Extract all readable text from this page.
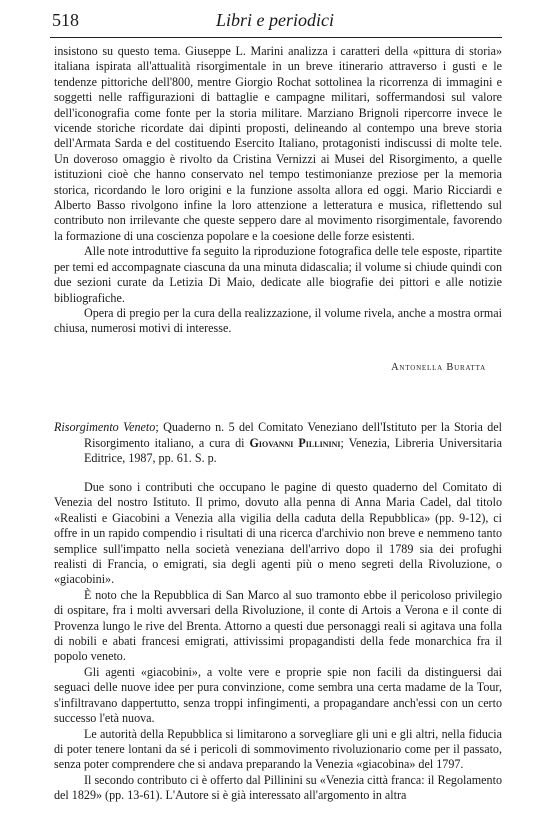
518	Libri e periodici

insistono su questo tema. Giuseppe L. Marini analizza i caratteri della «pittura di storia» italiana ispirata all'attualità risorgimentale in un breve itinerario attraverso i gusti e le tendenze pittoriche dell'800, mentre Giorgio Rochat sottolinea la ricorrenza di immagini e soggetti nelle raffigurazioni di battaglie e campagne militari, soffermandosi sul valore dell'iconografia come fonte per la storia militare. Marziano Brignoli ripercorre invece le vicende storiche ricordate dai dipinti proposti, delineando al contempo una breve storia dell'Armata Sarda e del costituendo Esercito Italiano, protagonisti indiscussi di molte tele. Un doveroso omaggio è rivolto da Cristina Vernizzi ai Musei del Risorgimento, a quelle istituzioni cioè che hanno conservato nel tempo testimonianze preziose per la memoria storica, ricordando le loro origini e la funzione assolta allora ed oggi. Mario Ricciardi e Alberto Basso rivolgono infine la loro attenzione a letteratura e musica, riflettendo sul contributo non irrilevante che queste seppero dare al movimento risorgimentale, favorendo la formazione di una coscienza popolare e la coesione delle forze esistenti.

Alle note introduttive fa seguito la riproduzione fotografica delle tele esposte, ripartite per temi ed accompagnate ciascuna da una minuta didascalia; il volume si chiude quindi con due sezioni curate da Letizia Di Maio, dedicate alle biografie dei pittori e alle notizie bibliografiche.

Opera di pregio per la cura della realizzazione, il volume rivela, anche a mostra ormai chiusa, numerosi motivi di interesse.

Antonella Buratta

Risorgimento Veneto; Quaderno n. 5 del Comitato Veneziano dell'Istituto per la Storia del Risorgimento italiano, a cura di Giovanni Pillinini; Venezia, Libreria Universitaria Editrice, 1987, pp. 61. S. p.

Due sono i contributi che occupano le pagine di questo quaderno del Comitato di Venezia del nostro Istituto. Il primo, dovuto alla penna di Anna Maria Cadel, dal titolo «Realisti e Giacobini a Venezia alla vigilia della caduta della Repubblica» (pp. 9-12), ci offre in un rapido compendio i risultati di una ricerca d'archivio non breve e nemmeno tanto semplice sull'impatto nella società veneziana dell'arrivo dopo il 1789 sia dei profughi realisti di Francia, o emigrati, sia degli agenti più o meno segreti della Rivoluzione, o «giacobini».

È noto che la Repubblica di San Marco al suo tramonto ebbe il pericoloso privilegio di ospitare, fra i molti avversari della Rivoluzione, il conte di Artois a Verona e il conte di Provenza lungo le rive del Brenta. Attorno a questi due personaggi reali si agitava una folla di nobili e abati francesi emigrati, attivissimi propagandisti della fede monarchica fra il popolo veneto.

Gli agenti «giacobini», a volte vere e proprie spie non facili da distinguersi dai seguaci delle nuove idee per pura convinzione, come sembra una certa madame de la Tour, s'infiltravano dappertutto, senza troppi infingimenti, a propagandare anch'essi con un certo successo l'età nuova.

Le autorità della Repubblica si limitarono a sorvegliare gli uni e gli altri, nella fiducia di poter tenere lontani da sé i pericoli di sommovimento rivoluzionario come per il passato, senza poter comprendere che si andava preparando la Venezia «giacobina» del 1797.

Il secondo contributo ci è offerto dal Pillinini su «Venezia città franca: il Regolamento del 1829» (pp. 13-61). L'Autore si è già interessato all'argomento in altra
